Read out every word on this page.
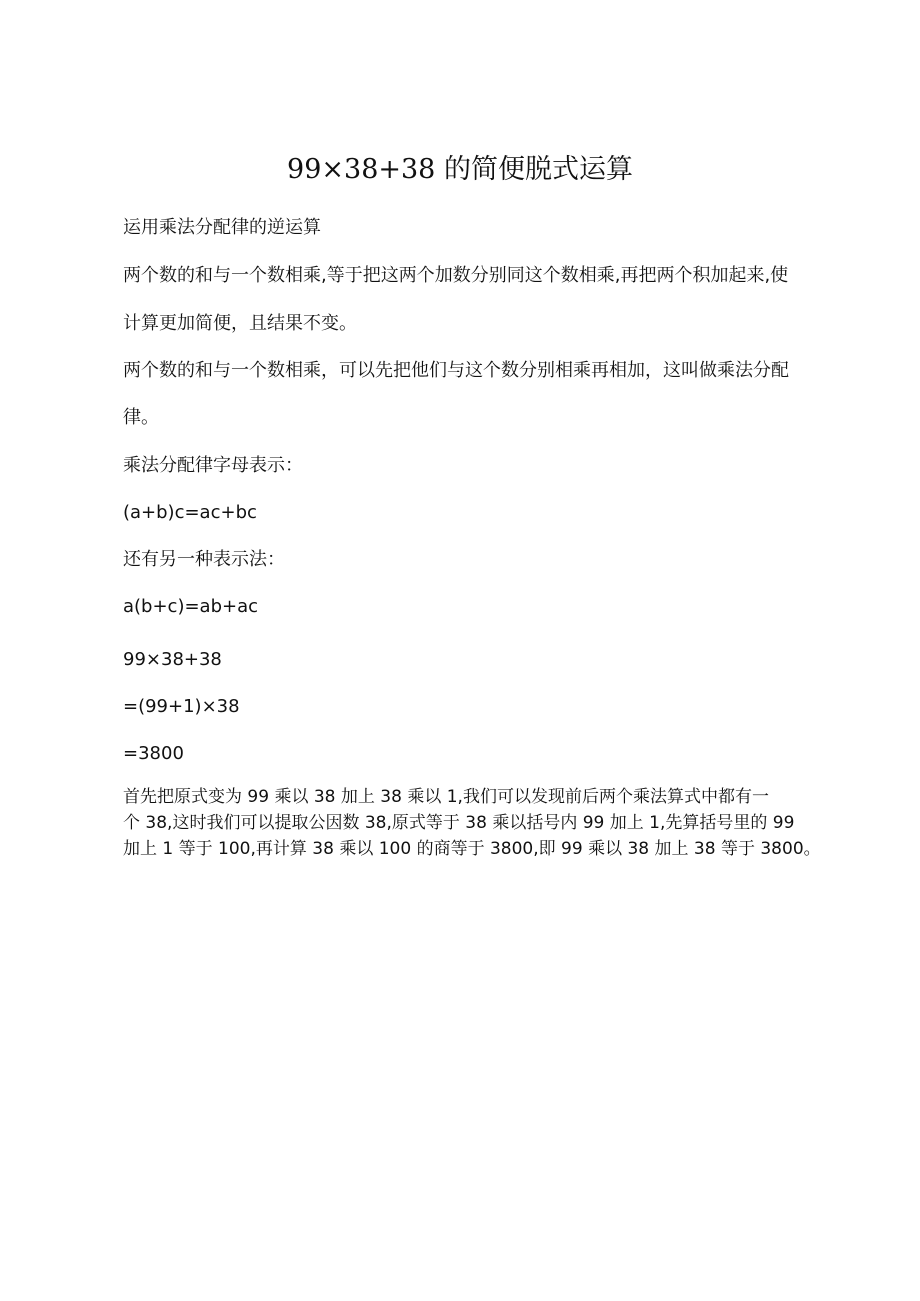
99×38+38 的简便脱式运算
运用乘法分配律的逆运算
两个数的和与一个数相乘,等于把这两个加数分别同这个数相乘,再把两个积加起来,使
计算更加简便，且结果不变。
两个数的和与一个数相乘，可以先把他们与这个数分别相乘再相加，这叫做乘法分配
律。
乘法分配律字母表示：
(a+b)c=ac+bc
还有另一种表示法：
a(b+c)=ab+ac
99×38+38
=(99+1)×38
=3800
首先把原式变为 99 乘以 38 加上 38 乘以 1,我们可以发现前后两个乘法算式中都有一
个 38,这时我们可以提取公因数 38,原式等于 38 乘以括号内 99 加上 1,先算括号里的 99
加上 1 等于 100,再计算 38 乘以 100 的商等于 3800,即 99 乘以 38 加上 38 等于 3800。
